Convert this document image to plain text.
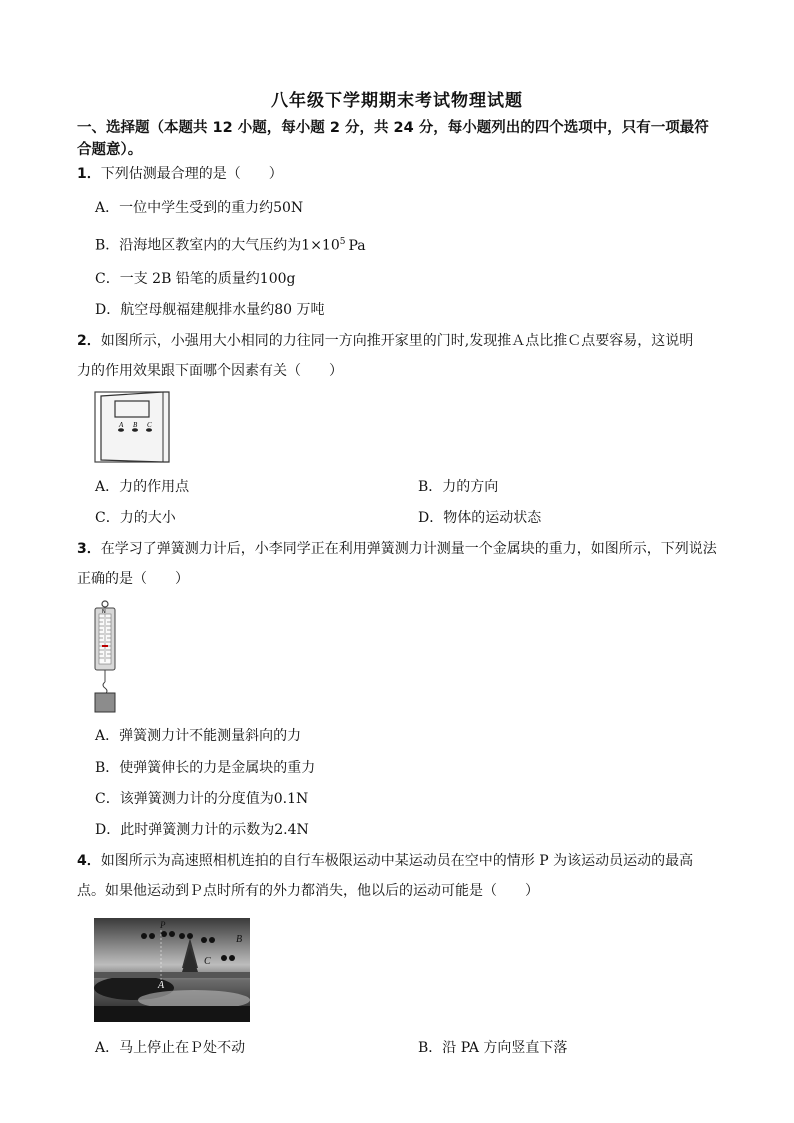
八年级下学期期末考试物理试题
一、选择题（本题共 12 小题，每小题 2 分，共 24 分，每小题列出的四个选项中，只有一项最符
合题意）。
1．下列估测最合理的是（　　）
A．一位中学生受到的重力约50N
B．沿海地区教室内的大气压约为$1\times 10^5$ Pa
C．一支 2B 铅笔的质量约100g
D．航空母舰福建舰排水量约80 万吨
2．如图所示，小强用大小相同的力往同一方向推开家里的门时,发现推Ａ点比推Ｃ点要容易，这说明
力的作用效果跟下面哪个因素有关（　　）
A B C
A．力的作用点	B．力的方向
C．力的大小	D．物体的运动状态
3．在学习了弹簧测力计后，小李同学正在利用弹簧测力计测量一个金属块的重力，如图所示，下列说法
正确的是（　　）
N
A．弹簧测力计不能测量斜向的力
B．使弹簧伸长的力是金属块的重力
C．该弹簧测力计的分度值为0.1N
D．此时弹簧测力计的示数为2.4N
4．如图所示为高速照相机连拍的自行车极限运动中某运动员在空中的情形 P 为该运动员运动的最高
点。如果他运动到Ｐ点时所有的外力都消失，他以后的运动可能是（　　）
P
B
C
A
A．马上停止在Ｐ处不动	B．沿 PA 方向竖直下落
